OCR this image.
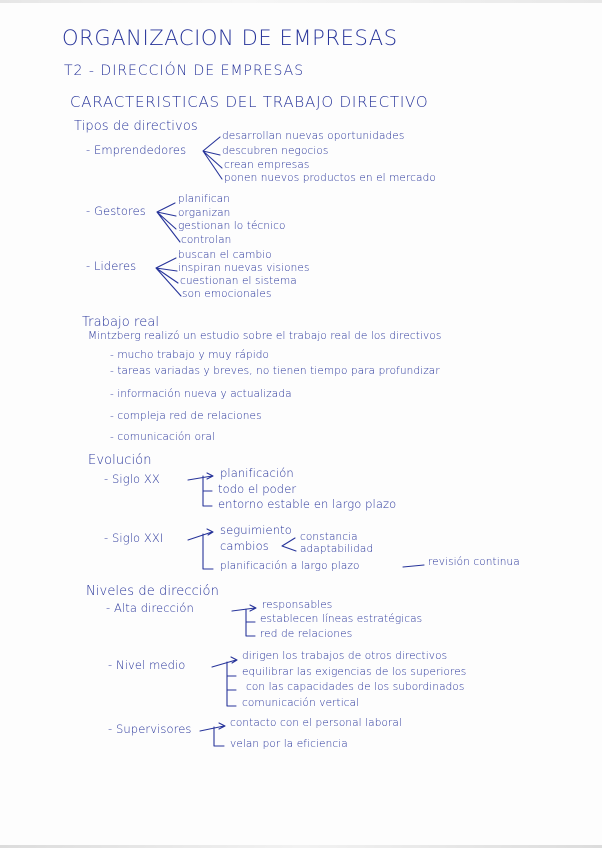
ORGANIZACION DE EMPRESAS
T2 - DIRECCIÓN DE EMPRESAS
CARACTERISTICAS DEL TRABAJO DIRECTIVO
Tipos de directivos
- Emprendedores
desarrollan nuevas oportunidades
descubren negocios
crean empresas
ponen nuevos productos en el mercado
- Gestores
planifican
organizan
gestionan lo técnico
controlan
- Lideres
buscan el cambio
inspiran nuevas visiones
cuestionan el sistema
son emocionales
Trabajo real
Mintzberg realizó un estudio sobre el trabajo real de los directivos
- mucho trabajo y muy rápido
- tareas variadas y breves, no tienen tiempo para profundizar
- información nueva y actualizada
- compleja red de relaciones
- comunicación oral
Evolución
- Siglo XX	planificación
todo el poder
entorno estable en largo plazo
- Siglo XXI
seguimiento
cambios
constancia
adaptabilidad
planificación a largo plazo	revisión continua
Niveles de dirección
- Alta dirección	responsables
establecen líneas estratégicas
red de relaciones
- Nivel medio
dirigen los trabajos de otros directivos
equilibrar las exigencias de los superiores
con las capacidades de los subordinados
comunicación vertical
- Supervisores	contacto con el personal laboral
velan por la eficiencia
